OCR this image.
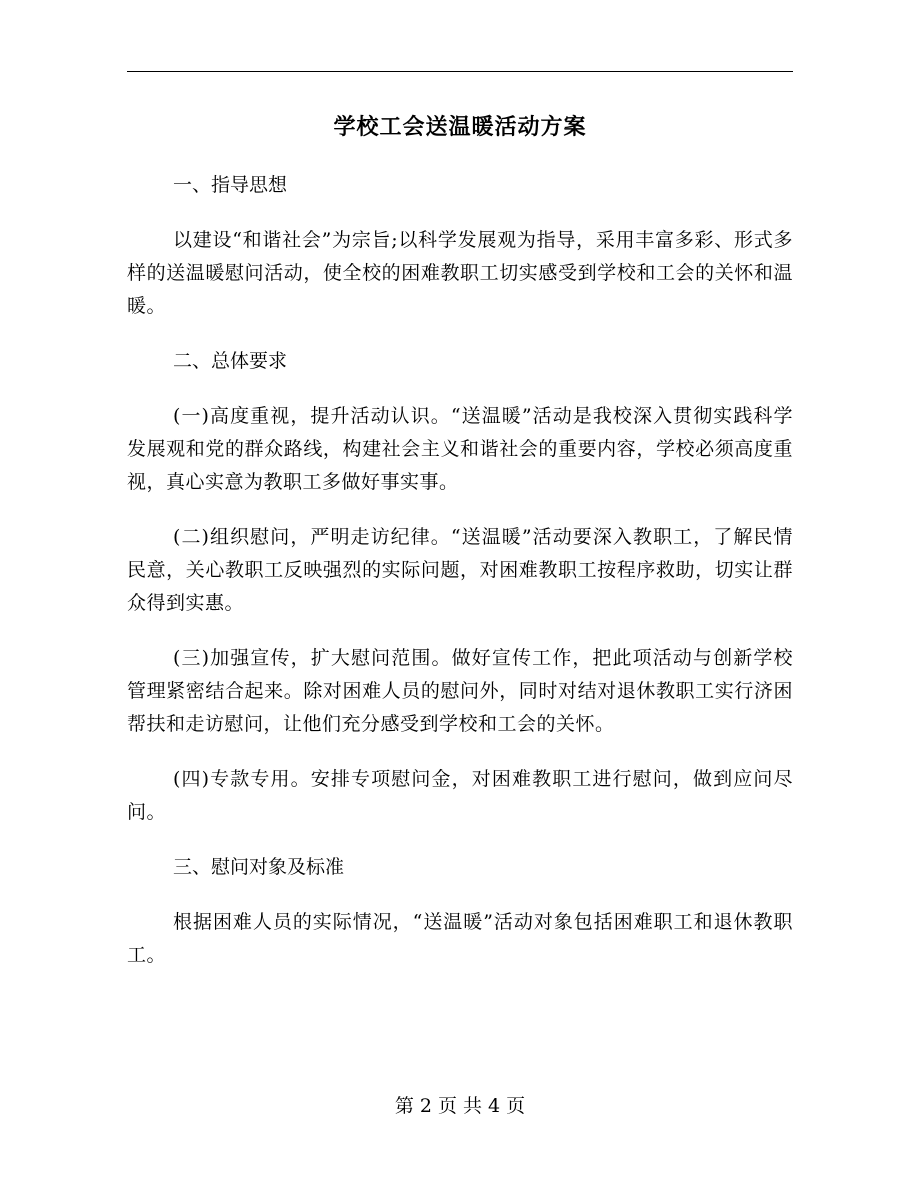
学校工会送温暖活动方案

一、指导思想

以建设“和谐社会”为宗旨;以科学发展观为指导，采用丰富多彩、形式多样的送温暖慰问活动，使全校的困难教职工切实感受到学校和工会的关怀和温暖。

二、总体要求

(一)高度重视，提升活动认识。“送温暖”活动是我校深入贯彻实践科学发展观和党的群众路线，构建社会主义和谐社会的重要内容，学校必须高度重视，真心实意为教职工多做好事实事。

(二)组织慰问，严明走访纪律。“送温暖”活动要深入教职工，了解民情民意，关心教职工反映强烈的实际问题，对困难教职工按程序救助，切实让群众得到实惠。

(三)加强宣传，扩大慰问范围。做好宣传工作，把此项活动与创新学校管理紧密结合起来。除对困难人员的慰问外，同时对结对退休教职工实行济困帮扶和走访慰问，让他们充分感受到学校和工会的关怀。

(四)专款专用。安排专项慰问金，对困难教职工进行慰问，做到应问尽问。

三、慰问对象及标准

根据困难人员的实际情况，“送温暖”活动对象包括困难职工和退休教职工。

第 2 页 共 4 页
